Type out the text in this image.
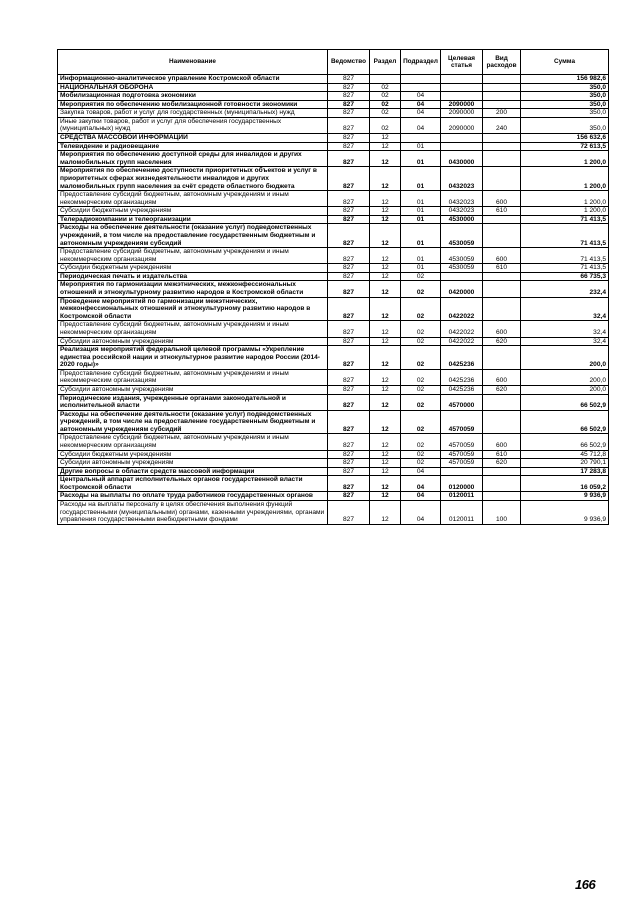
Наименование	Ведомство	Раздел	Подраздел	Целевая статья	Вид расходов	Сумма
Информационно-аналитическое управление Костромской области	827					156 982,6
НАЦИОНАЛЬНАЯ ОБОРОНА	827	02				350,0
Мобилизационная подготовка экономики	827	02	04			350,0
Мероприятия по обеспечению мобилизационной готовности экономики	827	02	04	2090000		350,0
Закупка товаров, работ и услуг для государственных (муниципальных) нужд	827	02	04	2090000	200	350,0
Иные закупки товаров, работ и услуг для обеспечения государственных (муниципальных) нужд	827	02	04	2090000	240	350,0
СРЕДСТВА МАССОВОЙ ИНФОРМАЦИИ	827	12				156 632,6
Телевидение и радиовещание	827	12	01			72 613,5
Мероприятия по обеспечению доступной среды для инвалидов и других маломобильных групп населения	827	12	01	0430000		1 200,0
Мероприятия по обеспечению доступности приоритетных объектов и услуг в приоритетных сферах жизнедеятельности инвалидов и других маломобильных групп населения за счёт средств областного бюджета	827	12	01	0432023		1 200,0
Предоставление субсидий бюджетным, автономным учреждениям и иным некоммерческим организациям	827	12	01	0432023	600	1 200,0
Субсидии бюджетным учреждениям	827	12	01	0432023	610	1 200,0
Телерадиокомпании и телеорганизации	827	12	01	4530000		71 413,5
Расходы на обеспечение деятельности (оказание услуг) подведомственных учреждений, в том числе на предоставление государственным бюджетным и автономным учреждениям субсидий	827	12	01	4530059		71 413,5
Предоставление субсидий бюджетным, автономным учреждениям и иным некоммерческим организациям	827	12	01	4530059	600	71 413,5
Субсидии бюджетным учреждениям	827	12	01	4530059	610	71 413,5
Периодическая печать и издательства	827	12	02			66 735,3
Мероприятия по гармонизации межэтнических, межконфессиональных отношений и этнокультурному развитию народов в Костромской области	827	12	02	0420000		232,4
Проведение мероприятий по гармонизации межэтнических, межконфессиональных отношений и этнокультурному развитию народов в Костромской области	827	12	02	0422022		32,4
Предоставление субсидий бюджетным, автономным учреждениям и иным некоммерческим организациям	827	12	02	0422022	600	32,4
Субсидии автономным учреждениям	827	12	02	0422022	620	32,4
Реализация мероприятий федеральной целевой программы «Укрепление единства российской нации и этнокультурное развитие народов России (2014-2020 годы)»	827	12	02	0425236		200,0
Предоставление субсидий бюджетным, автономным учреждениям и иным некоммерческим организациям	827	12	02	0425236	600	200,0
Субсидии автономным учреждениям	827	12	02	0425236	620	200,0
Периодические издания, учрежденные органами законодательной и исполнительной власти	827	12	02	4570000		66 502,9
Расходы на обеспечение деятельности (оказание услуг) подведомственных учреждений, в том числе на предоставление государственным бюджетным и автономным учреждениям субсидий	827	12	02	4570059		66 502,9
Предоставление субсидий бюджетным, автономным учреждениям и иным некоммерческим организациям	827	12	02	4570059	600	66 502,9
Субсидии бюджетным учреждениям	827	12	02	4570059	610	45 712,8
Субсидии автономным учреждениям	827	12	02	4570059	620	20 790,1
Другие вопросы в области средств массовой информации	827	12	04			17 283,8
Центральный аппарат исполнительных органов государственной власти Костромской области	827	12	04	0120000		16 059,2
Расходы на выплаты по оплате труда работников государственных органов	827	12	04	0120011		9 936,9
Расходы на выплаты персоналу в целях обеспечения выполнения функций государственными (муниципальными) органами, казенными учреждениями, органами управления государственными внебюджетными фондами	827	12	04	0120011	100	9 936,9
166
